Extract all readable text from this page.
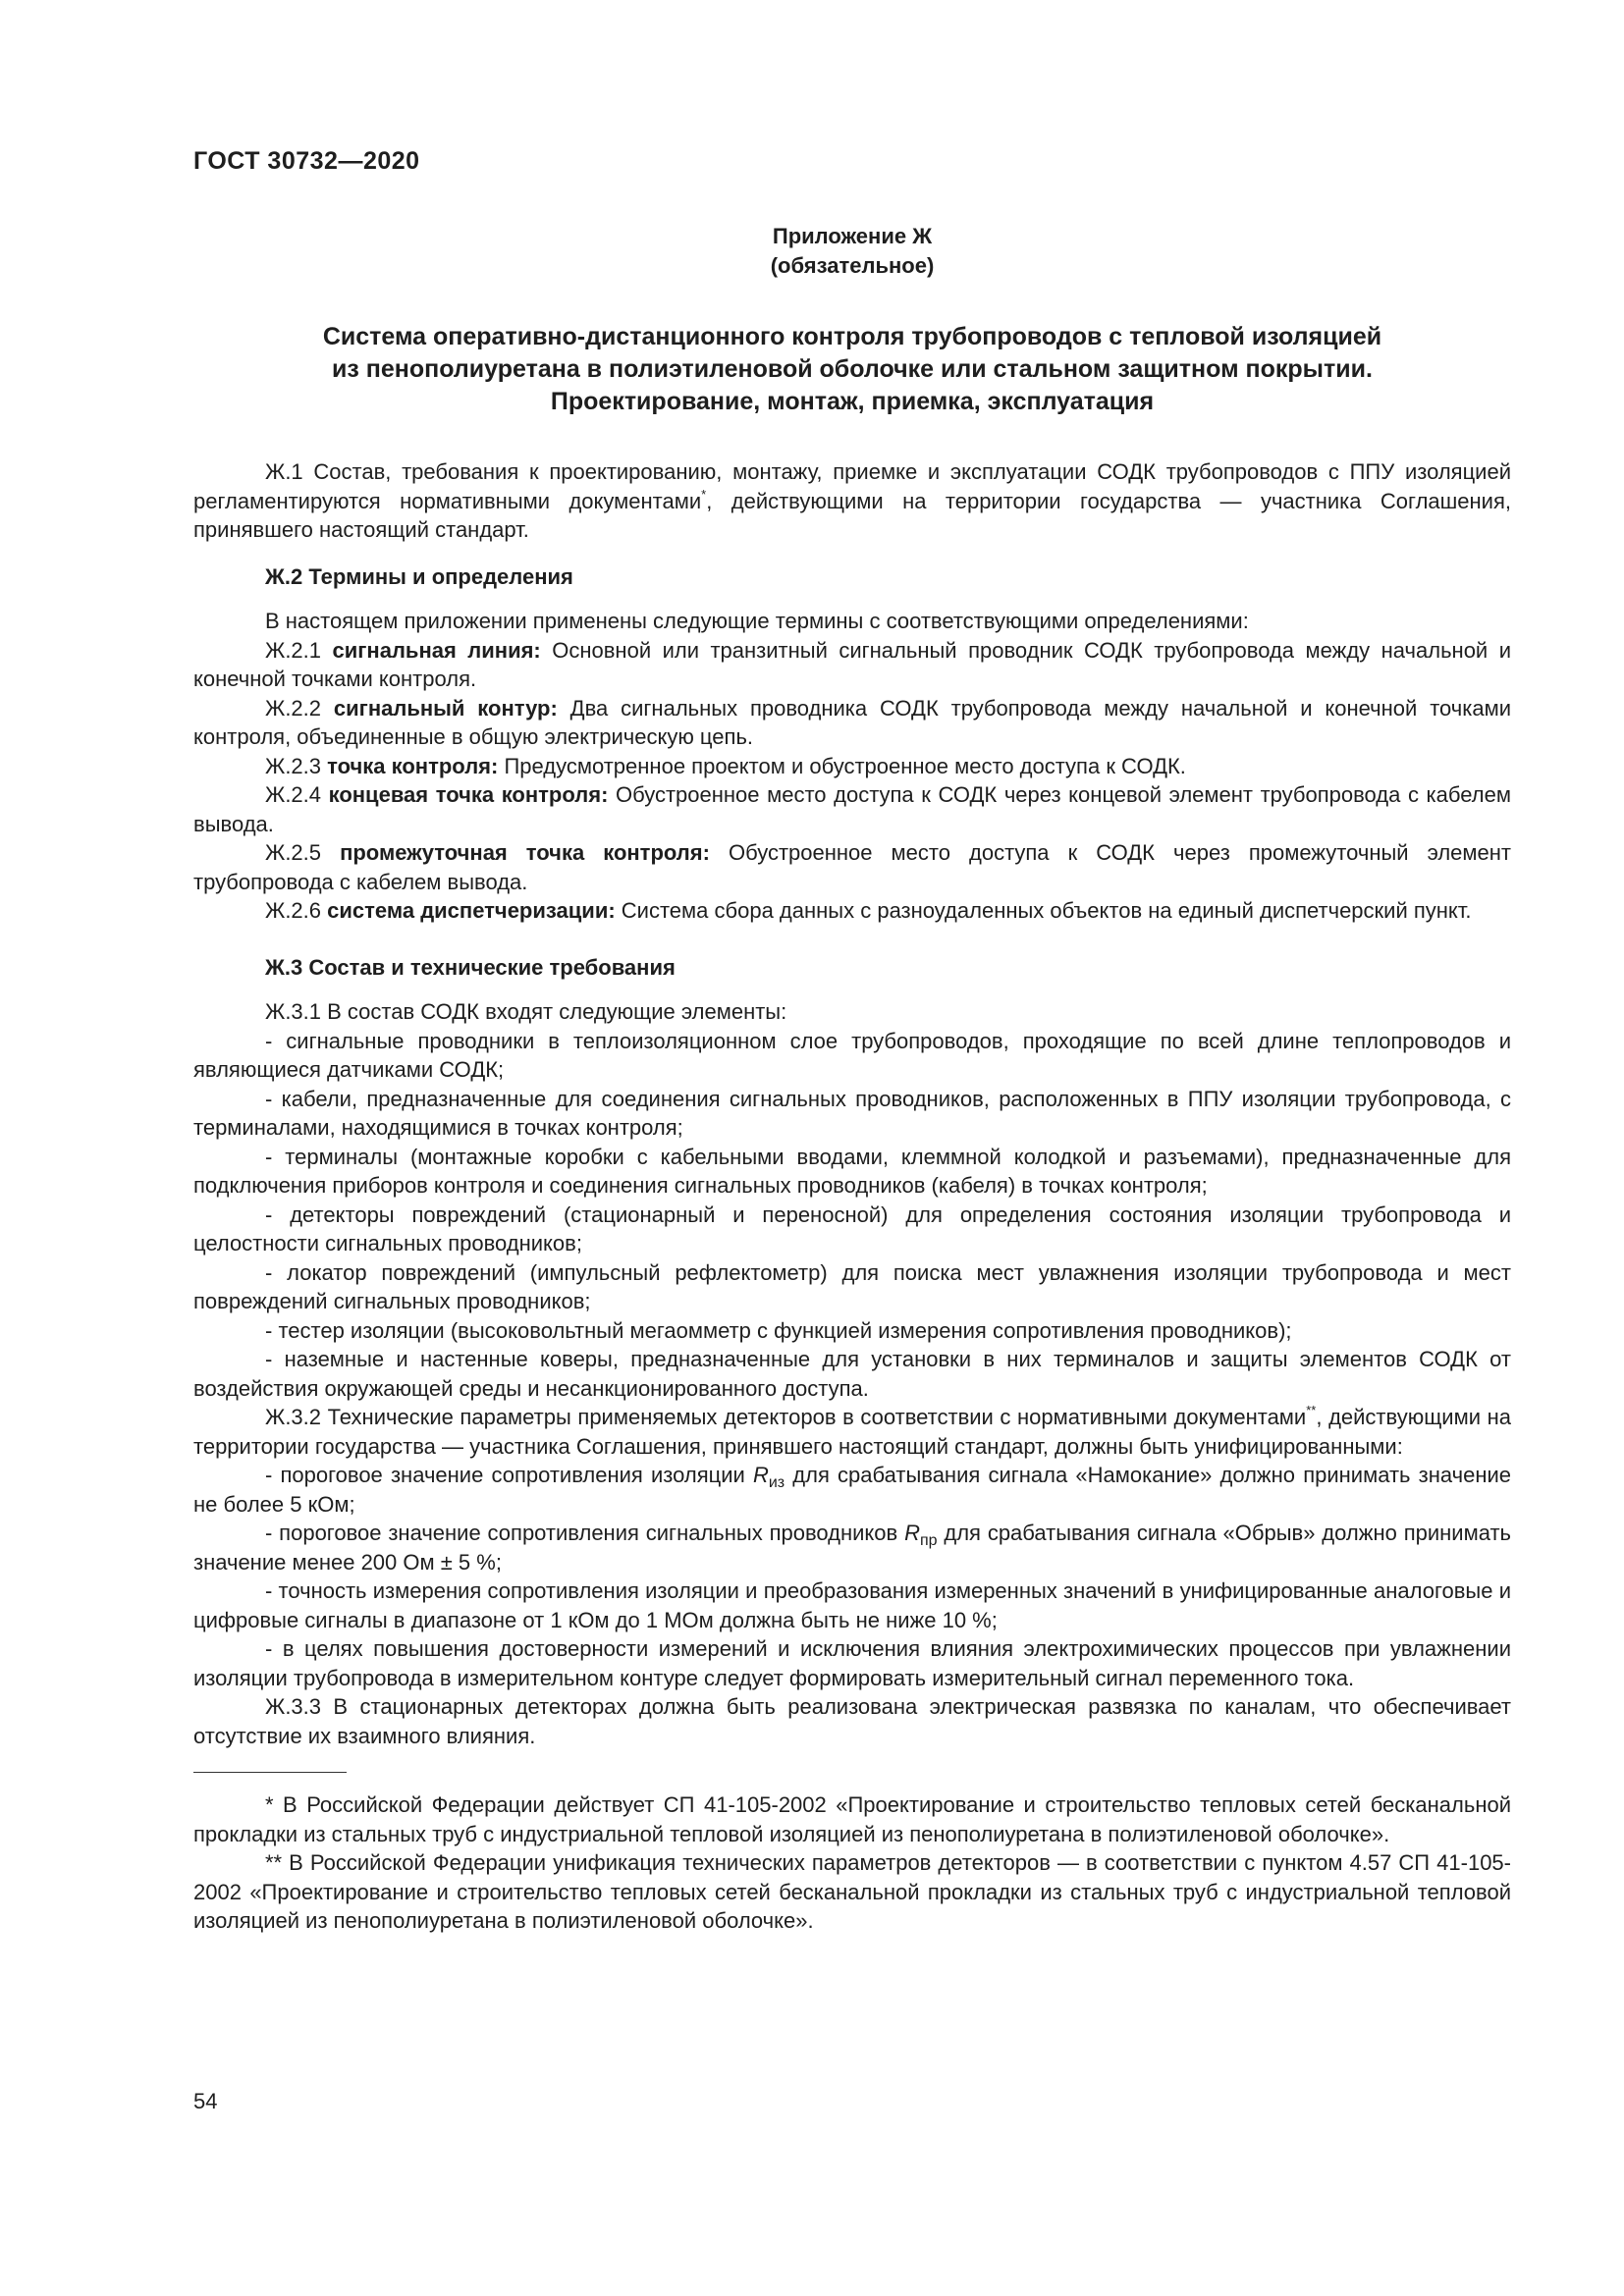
ГОСТ 30732—2020
Приложение Ж
(обязательное)
Система оперативно-дистанционного контроля трубопроводов с тепловой изоляцией
из пенополиуретана в полиэтиленовой оболочке или стальном защитном покрытии.
Проектирование, монтаж, приемка, эксплуатация

Ж.1 Состав, требования к проектированию, монтажу, приемке и эксплуатации СОДК трубопроводов с ППУ изоляцией регламентируются нормативными документами*, действующими на территории государства — участника Соглашения, принявшего настоящий стандарт.

Ж.2 Термины и определения

В настоящем приложении применены следующие термины с соответствующими определениями:

Ж.2.1 сигнальная линия: Основной или транзитный сигнальный проводник СОДК трубопровода между начальной и конечной точками контроля.

Ж.2.2 сигнальный контур: Два сигнальных проводника СОДК трубопровода между начальной и конечной точками контроля, объединенные в общую электрическую цепь.

Ж.2.3 точка контроля: Предусмотренное проектом и обустроенное место доступа к СОДК.

Ж.2.4 концевая точка контроля: Обустроенное место доступа к СОДК через концевой элемент трубопровода с кабелем вывода.

Ж.2.5 промежуточная точка контроля: Обустроенное место доступа к СОДК через промежуточный элемент трубопровода с кабелем вывода.

Ж.2.6 система диспетчеризации: Система сбора данных с разноудаленных объектов на единый диспетчерский пункт.

Ж.3 Состав и технические требования

Ж.3.1 В состав СОДК входят следующие элементы:

- сигнальные проводники в теплоизоляционном слое трубопроводов, проходящие по всей длине теплопроводов и являющиеся датчиками СОДК;

- кабели, предназначенные для соединения сигнальных проводников, расположенных в ППУ изоляции трубопровода, с терминалами, находящимися в точках контроля;

- терминалы (монтажные коробки с кабельными вводами, клеммной колодкой и разъемами), предназначенные для подключения приборов контроля и соединения сигнальных проводников (кабеля) в точках контроля;

- детекторы повреждений (стационарный и переносной) для определения состояния изоляции трубопровода и целостности сигнальных проводников;

- локатор повреждений (импульсный рефлектометр) для поиска мест увлажнения изоляции трубопровода и мест повреждений сигнальных проводников;

- тестер изоляции (высоковольтный мегаомметр с функцией измерения сопротивления проводников);

- наземные и настенные коверы, предназначенные для установки в них терминалов и защиты элементов СОДК от воздействия окружающей среды и несанкционированного доступа.

Ж.3.2 Технические параметры применяемых детекторов в соответствии с нормативными документами**, действующими на территории государства — участника Соглашения, принявшего настоящий стандарт, должны быть унифицированными:

- пороговое значение сопротивления изоляции $R_{из}$ для срабатывания сигнала «Намокание» должно принимать значение не более 5 кОм;

- пороговое значение сопротивления сигнальных проводников $R_{пр}$ для срабатывания сигнала «Обрыв» должно принимать значение менее 200 Ом ± 5 %;

- точность измерения сопротивления изоляции и преобразования измеренных значений в унифицированные аналоговые и цифровые сигналы в диапазоне от 1 кОм до 1 МОм должна быть не ниже 10 %;

- в целях повышения достоверности измерений и исключения влияния электрохимических процессов при увлажнении изоляции трубопровода в измерительном контуре следует формировать измерительный сигнал переменного тока.

Ж.3.3 В стационарных детекторах должна быть реализована электрическая развязка по каналам, что обеспечивает отсутствие их взаимного влияния.

* В Российской Федерации действует СП 41-105-2002 «Проектирование и строительство тепловых сетей бесканальной прокладки из стальных труб с индустриальной тепловой изоляцией из пенополиуретана в полиэтиленовой оболочке».

** В Российской Федерации унификация технических параметров детекторов — в соответствии с пунктом 4.57 СП 41-105-2002 «Проектирование и строительство тепловых сетей бесканальной прокладки из стальных труб с индустриальной тепловой изоляцией из пенополиуретана в полиэтиленовой оболочке».

54
